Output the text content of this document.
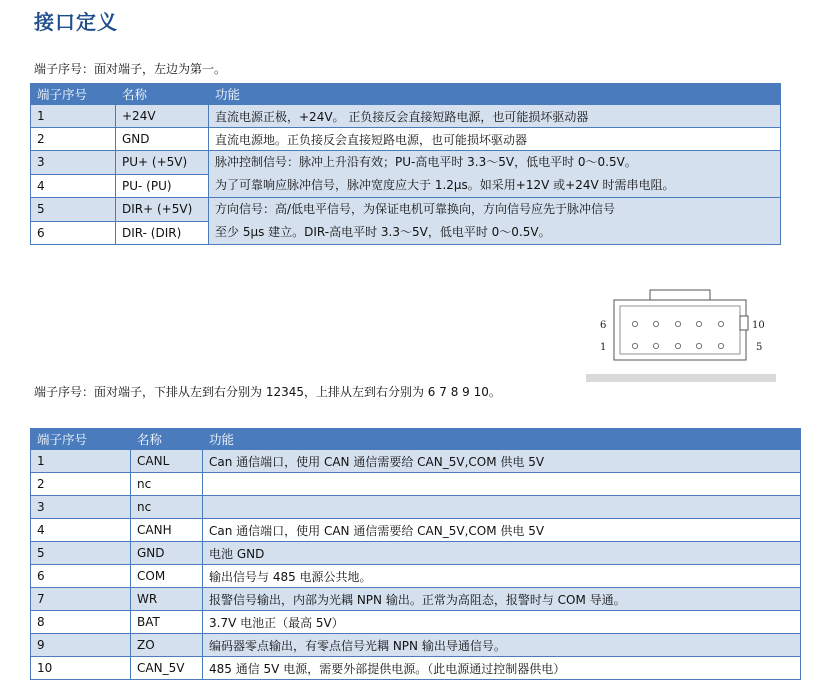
接口定义
端子序号：面对端子，左边为第一。
端子序号	名称	功能
1	+24V	直流电源正极，+24V。 正负接反会直接短路电源，也可能损坏驱动器
2	GND	直流电源地。正负接反会直接短路电源，也可能损坏驱动器
3	PU+ (+5V)	脉冲控制信号：脉冲上升沿有效；PU-高电平时 3.3～5V，低电平时 0～0.5V。
为了可靠响应脉冲信号，脉冲宽度应大于 1.2μs。如采用+12V 或+24V 时需串电阻。

4	PU- (PU)	
5	DIR+ (+5V)	方向信号：高/低电平信号，为保证电机可靠换向，方向信号应先于脉冲信号
至少 5μs 建立。DIR-高电平时 3.3～5V，低电平时 0～0.5V。

6	DIR- (DIR)	
6	10
1	5
端子序号：面对端子，下排从左到右分别为 12345，上排从左到右分别为 6 7 8 9 10。
端子序号	名称	功能
1	CANL	Can 通信端口，使用 CAN 通信需要给 CAN_5V,COM 供电 5V
2	nc	
3	nc	
4	CANH	Can 通信端口，使用 CAN 通信需要给 CAN_5V,COM 供电 5V
5	GND	电池 GND
6	COM	输出信号与 485 电源公共地。
7	WR	报警信号输出，内部为光耦 NPN 输出。正常为高阻态，报警时与 COM 导通。
8	BAT	3.7V 电池正（最高 5V）
9	ZO	编码器零点输出，有零点信号光耦 NPN 输出导通信号。
10	CAN_5V	485 通信 5V 电源，需要外部提供电源。（此电源通过控制器供电）
